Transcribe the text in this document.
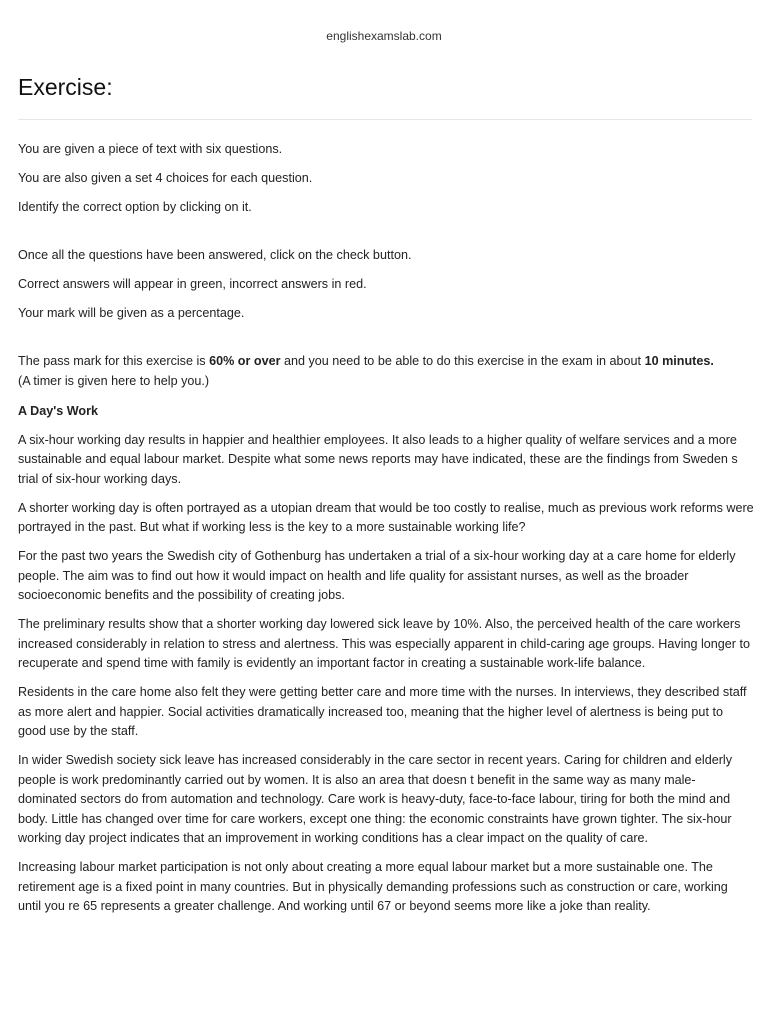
englishexamslab.com
Exercise:

You are given a piece of text with six questions.

You are also given a set 4 choices for each question.

Identify the correct option by clicking on it.

Once all the questions have been answered, click on the check button.

Correct answers will appear in green, incorrect answers in red.

Your mark will be given as a percentage.

The pass mark for this exercise is 60% or over and you need to be able to do this exercise in the exam in about 10 minutes.
(A timer is given here to help you.)

A Day's Work

A six-hour working day results in happier and healthier employees. It also leads to a higher quality of welfare services and a more sustainable and equal labour market. Despite what some news reports may have indicated, these are the findings from Sweden s trial of six-hour working days.

A shorter working day is often portrayed as a utopian dream that would be too costly to realise, much as previous work reforms were portrayed in the past. But what if working less is the key to a more sustainable working life?

For the past two years the Swedish city of Gothenburg has undertaken a trial of a six-hour working day at a care home for elderly people. The aim was to find out how it would impact on health and life quality for assistant nurses, as well as the broader socioeconomic benefits and the possibility of creating jobs.

The preliminary results show that a shorter working day lowered sick leave by 10%. Also, the perceived health of the care workers increased considerably in relation to stress and alertness. This was especially apparent in child-caring age groups. Having longer to recuperate and spend time with family is evidently an important factor in creating a sustainable work-life balance.

Residents in the care home also felt they were getting better care and more time with the nurses. In interviews, they described staff as more alert and happier. Social activities dramatically increased too, meaning that the higher level of alertness is being put to good use by the staff.

In wider Swedish society sick leave has increased considerably in the care sector in recent years. Caring for children and elderly people is work predominantly carried out by women. It is also an area that doesn t benefit in the same way as many male-dominated sectors do from automation and technology. Care work is heavy-duty, face-to-face labour, tiring for both the mind and body. Little has changed over time for care workers, except one thing: the economic constraints have grown tighter. The six-hour working day project indicates that an improvement in working conditions has a clear impact on the quality of care.

Increasing labour market participation is not only about creating a more equal labour market but a more sustainable one. The retirement age is a fixed point in many countries. But in physically demanding professions such as construction or care, working until you re 65 represents a greater challenge. And working until 67 or beyond seems more like a joke than reality.
